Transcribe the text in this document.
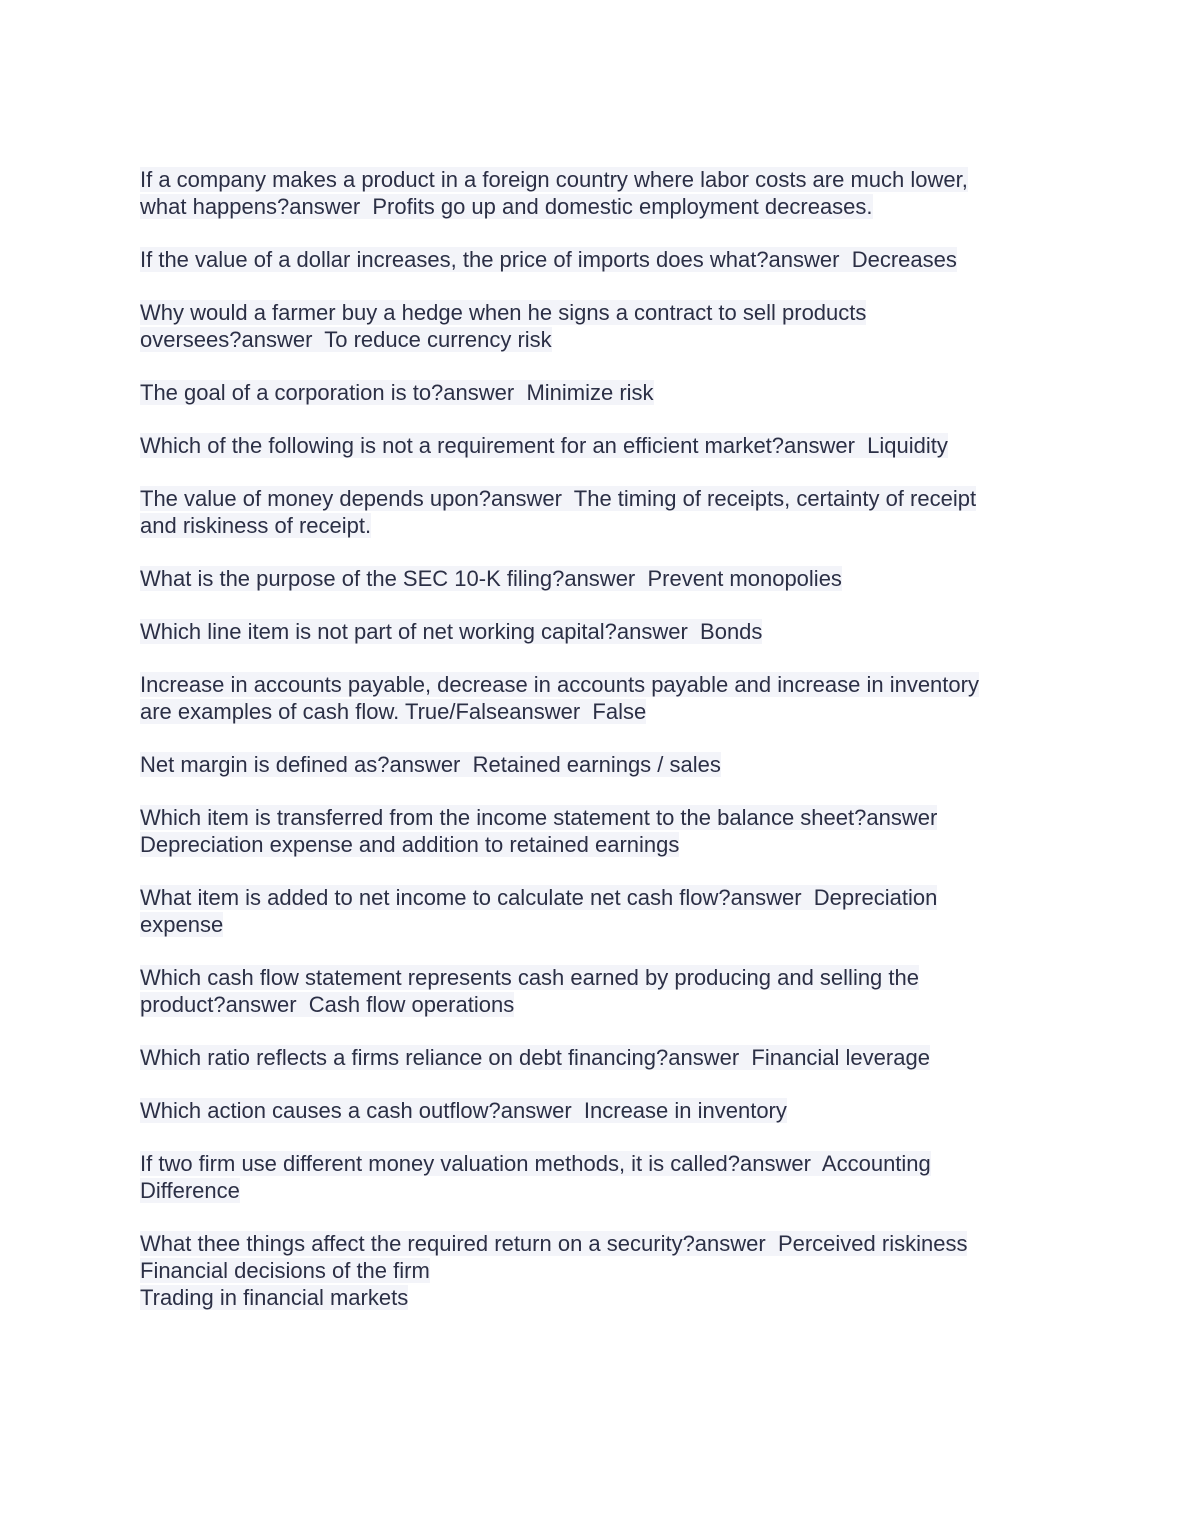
If a company makes a product in a foreign country where labor costs are much lower,
what happens?answer  Profits go up and domestic employment decreases.
If the value of a dollar increases, the price of imports does what?answer  Decreases
Why would a farmer buy a hedge when he signs a contract to sell products
oversees?answer  To reduce currency risk
The goal of a corporation is to?answer  Minimize risk
Which of the following is not a requirement for an efficient market?answer  Liquidity
The value of money depends upon?answer  The timing of receipts, certainty of receipt
and riskiness of receipt.
What is the purpose of the SEC 10-K filing?answer  Prevent monopolies
Which line item is not part of net working capital?answer  Bonds
Increase in accounts payable, decrease in accounts payable and increase in inventory
are examples of cash flow. True/Falseanswer  False
Net margin is defined as?answer  Retained earnings / sales
Which item is transferred from the income statement to the balance sheet?answer
Depreciation expense and addition to retained earnings
What item is added to net income to calculate net cash flow?answer  Depreciation
expense
Which cash flow statement represents cash earned by producing and selling the
product?answer  Cash flow operations
Which ratio reflects a firms reliance on debt financing?answer  Financial leverage
Which action causes a cash outflow?answer  Increase in inventory
If two firm use different money valuation methods, it is called?answer  Accounting
Difference
What thee things affect the required return on a security?answer  Perceived riskiness
Financial decisions of the firm
Trading in financial markets
